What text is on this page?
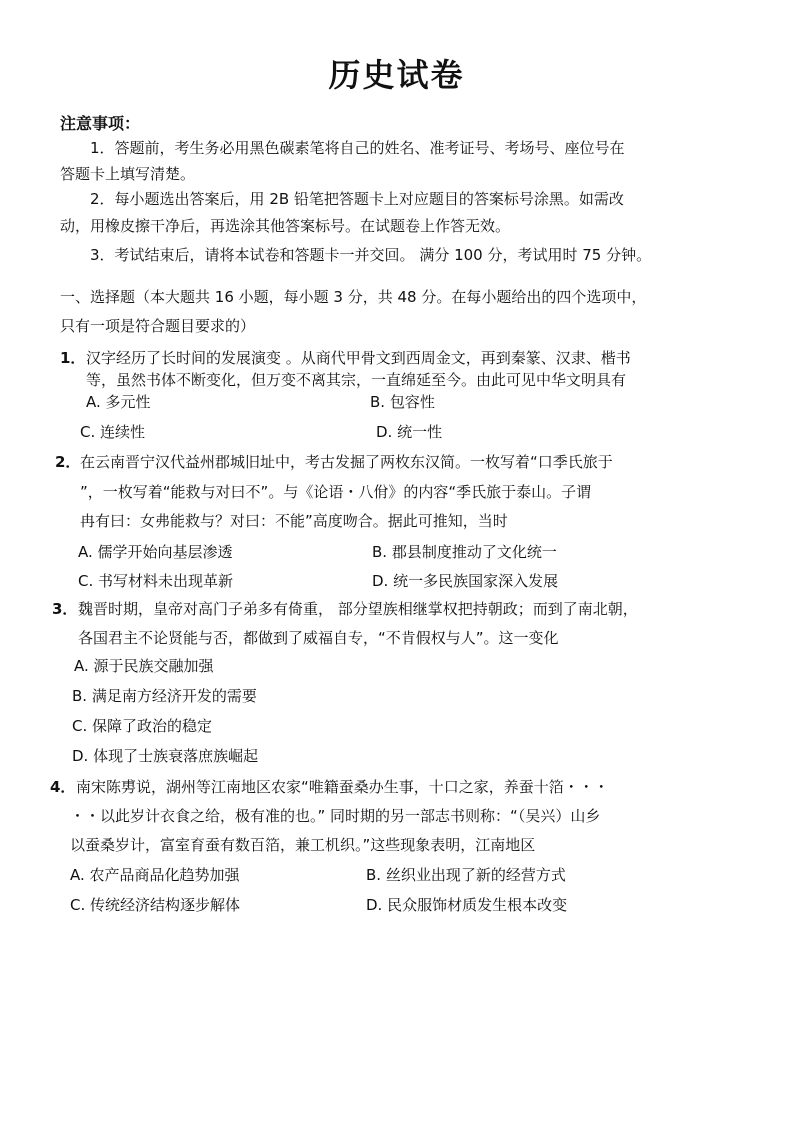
历史试卷
注意事项：
1．答题前，考生务必用黑色碳素笔将自己的姓名、准考证号、考场号、座位号在
答题卡上填写清楚。
2．每小题选出答案后，用 2B 铅笔把答题卡上对应题目的答案标号涂黑。如需改
动，用橡皮擦干净后，再选涂其他答案标号。在试题卷上作答无效。
3．考试结束后，请将本试卷和答题卡一并交回。 满分 100 分，考试用时 75 分钟。
一、选择题（本大题共 16 小题，每小题 3 分，共 48 分。在每小题给出的四个选项中，
只有一项是符合题目要求的）
1． 汉字经历了长时间的发展演变 。从商代甲骨文到西周金文，再到秦篆、汉隶、楷书
等，虽然书体不断变化，但万变不离其宗，一直绵延至今。由此可见中华文明具有
A. 多元性	B. 包容性
C. 连续性	D. 统一性
2． 在云南晋宁汉代益州郡城旧址中，考古发掘了两枚东汉简。一枚写着“口季氏旅于
”，一枚写着“能救与对曰不”。与《论语・八佾》的内容“季氏旅于泰山。子谓
冉有曰：女弗能救与？对曰：不能”高度吻合。据此可推知，当时
A. 儒学开始向基层渗透	B. 郡县制度推动了文化统一
C. 书写材料未出现革新	D. 统一多民族国家深入发展
3． 魏晋时期，皇帝对高门子弟多有倚重， 部分望族相继掌权把持朝政；而到了南北朝，
各国君主不论贤能与否，都做到了威福自专，“不肯假权与人”。这一变化
A. 源于民族交融加强
B. 满足南方经济开发的需要
C. 保障了政治的稳定
D. 体现了士族衰落庶族崛起
4． 南宋陈旉说，湖州等江南地区农家“唯籍蚕桑办生事，十口之家，养蚕十箔・・・
・・以此岁计衣食之给，极有准的也。” 同时期的另一部志书则称：“（吴兴）山乡
以蚕桑岁计，富室育蚕有数百箔，兼工机织。”这些现象表明，江南地区
A. 农产品商品化趋势加强	B. 丝织业出现了新的经营方式
C. 传统经济结构逐步解体	D. 民众服饰材质发生根本改变
